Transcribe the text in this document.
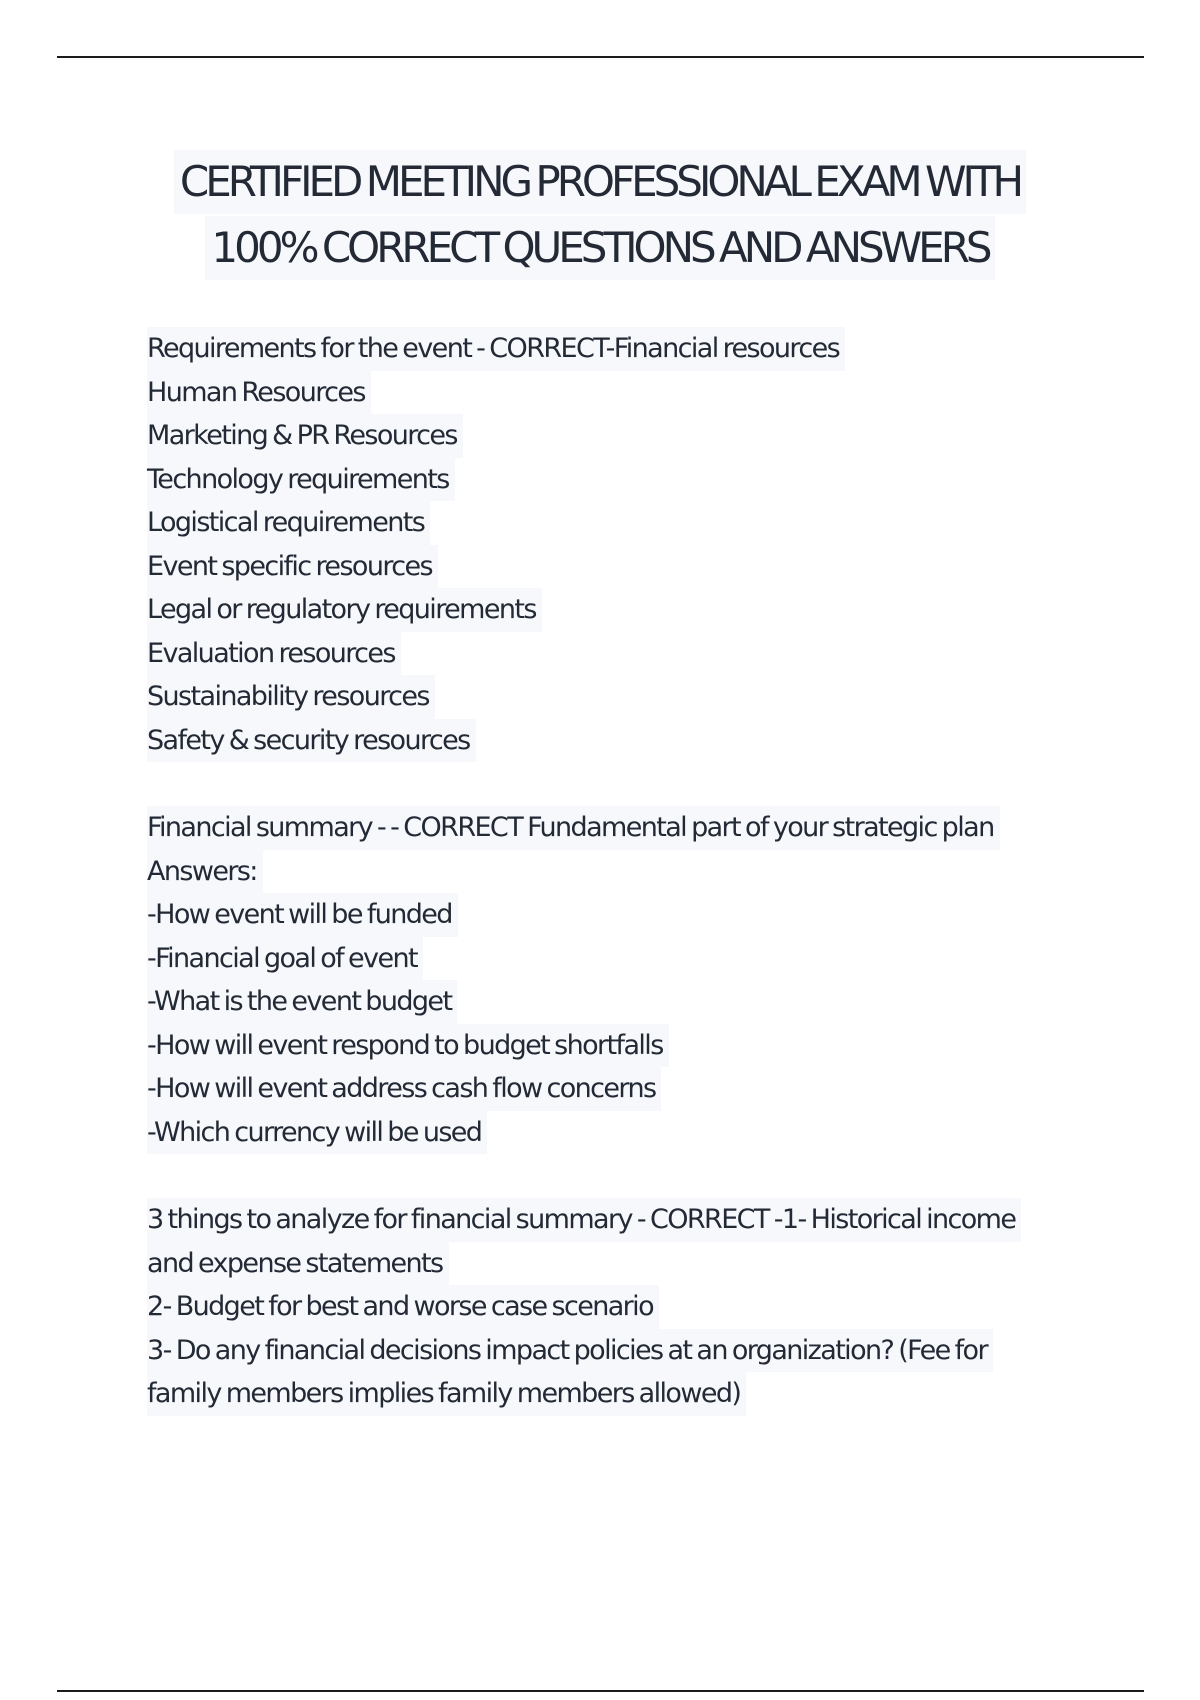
CERTIFIED MEETING PROFESSIONAL EXAM WITH
100% CORRECT QUESTIONS AND ANSWERS
Requirements for the event - CORRECT-Financial resources
Human Resources
Marketing & PR Resources
Technology requirements
Logistical requirements
Event specific resources
Legal or regulatory requirements
Evaluation resources
Sustainability resources
Safety & security resources
Financial summary - - CORRECT Fundamental part of your strategic plan
Answers:
-How event will be funded
-Financial goal of event
-What is the event budget
-How will event respond to budget shortfalls
-How will event address cash flow concerns
-Which currency will be used
3 things to analyze for financial summary - CORRECT -1- Historical income
and expense statements
2- Budget for best and worse case scenario
3- Do any financial decisions impact policies at an organization? (Fee for
family members implies family members allowed)
